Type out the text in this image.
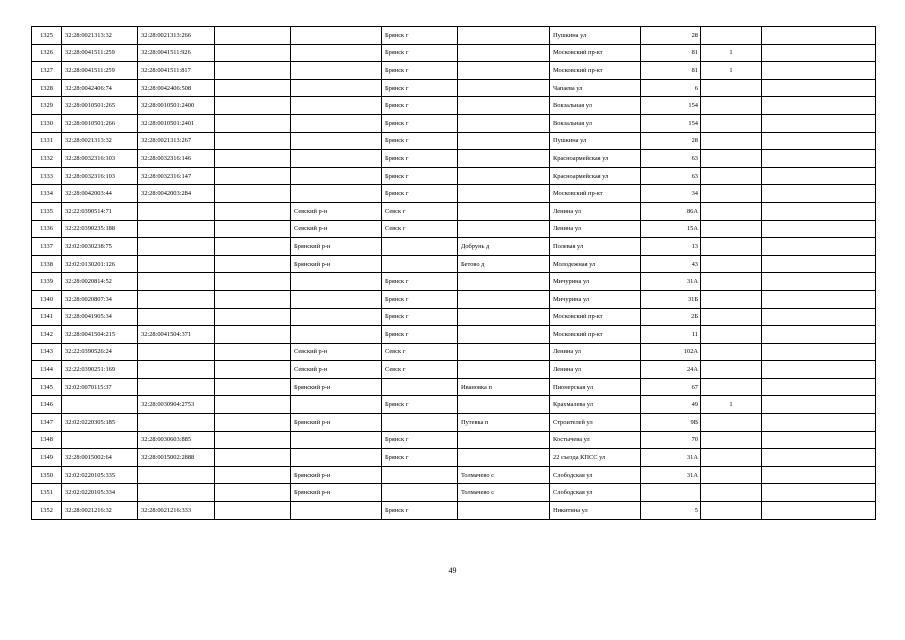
1325	32:28:0021313:32	32:28:0021313:266			Брянск г		Пушкина ул	28		
1326	32:28:0041511:259	32:28:0041511:926			Брянск г		Московский пр-кт	81	1	
1327	32:28:0041511:259	32:28:0041511:817			Брянск г		Московский пр-кт	81	1	
1328	32:28:0042406:74	32:28:0042406:508			Брянск г		Чапаева ул	6		
1329	32:28:0010501:265	32:28:0010501:2400			Брянск г		Вокзальная ул	154		
1330	32:28:0010501:266	32:28:0010501:2401			Брянск г		Вокзальная ул	154		
1331	32:28:0021313:32	32:28:0021313:267			Брянск г		Пушкина ул	28		
1332	32:28:0032316:103	32:28:0032316:146			Брянск г		Красноармейская ул	63		
1333	32:28:0032316:103	32:28:0032316:147			Брянск г		Красноармейская ул	63		
1334	32:28:0042003:44	32:28:0042003:284			Брянск г		Московский пр-кт	34		
1335	32:22:0390514:71			Севский р-н	Севск г		Ленина ул	86А		
1336	32:22:0390235:188			Севский р-н	Севск г		Ленина ул	15А		
1337	32:02:0030238:75			Брянский р-н		Добрунь д	Полевая ул	13		
1338	32:02:0130201:126			Брянский р-н		Бетово д	Молодежная ул	43		
1339	32:28:0020814:52				Брянск г		Мичурина ул	31А		
1340	32:28:0020807:34				Брянск г		Мичурина ул	31Б		
1341	32:28:0041905:34				Брянск г		Московский пр-кт	2Б		
1342	32:28:0041504:215	32:28:0041504:371			Брянск г		Московский пр-кт	11		
1343	32:22:0390526:24			Севский р-н	Севск г		Ленина ул	102А		
1344	32:22:0390251:169			Севский р-н	Севск г		Ленина ул	24А		
1345	32:02:0070115:37			Брянский р-н		Ивановка п	Пионерская ул	67		
1346		32:28:0030904:2753			Брянск г		Крахмалева ул	49	1	
1347	32:02:0220305:185			Брянский р-н		Путевка п	Строителей ул	9В		
1348		32:28:0030603:885			Брянск г		Костычева ул	70		
1349	32:28:0015002:64	32:28:0015002:2888			Брянск г		22 съезда КПСС ул	31А		
1350	32:02:0220105:335			Брянский р-н		Толмачево с	Слободская ул	31А		
1351	32:02:0220105:334			Брянский р-н		Толмачево с	Слободская ул			
1352	32:28:0021216:32	32:28:0021216:333			Брянск г		Никитина ул	5		
49
